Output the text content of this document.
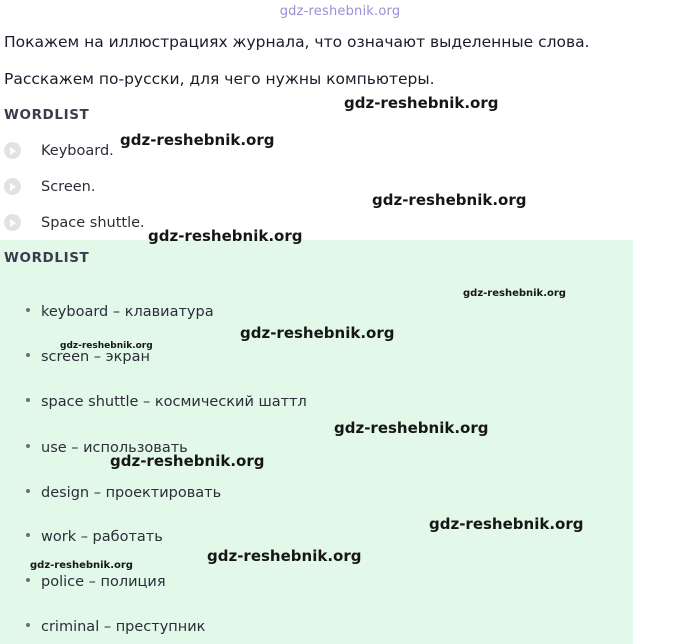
gdz-reshebnik.org
Покажем на иллюстрациях журнала, что означают выделенные слова.
Расскажем по-русски, для чего нужны компьютеры.
WORDLIST
Keyboard.
Screen.
Space shuttle.
WORDLIST
keyboard – клавиатура
screen – экран
space shuttle – космический шаттл
use – использовать
design – проектировать
work – работать
police – полиция
criminal – преступник
gdz-reshebnik.org
gdz-reshebnik.org
gdz-reshebnik.org
gdz-reshebnik.org
gdz-reshebnik.org
gdz-reshebnik.org
gdz-reshebnik.org
gdz-reshebnik.org
gdz-reshebnik.org
gdz-reshebnik.org
gdz-reshebnik.org
gdz-reshebnik.org
